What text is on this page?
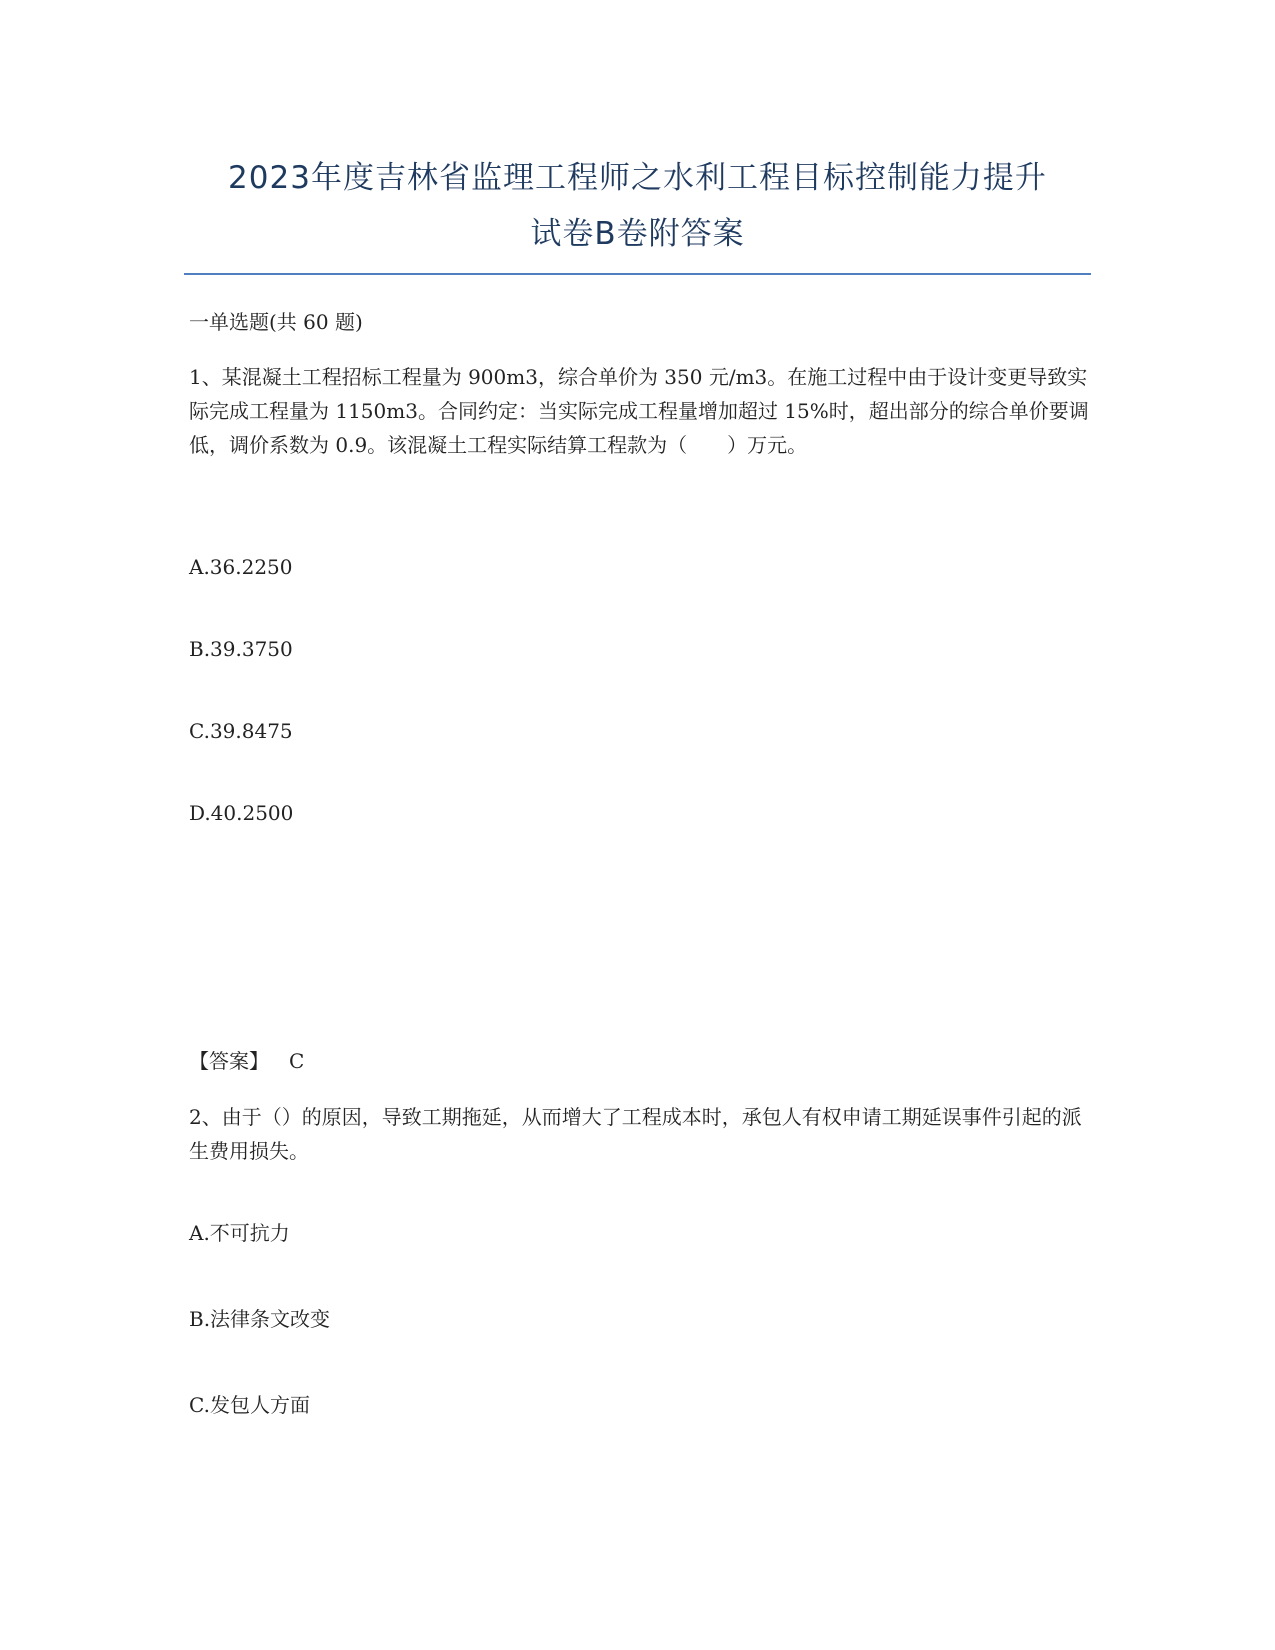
2023年度吉林省监理工程师之水利工程目标控制能力提升
试卷B卷附答案
一单选题(共 60 题)
1、某混凝土工程招标工程量为 900m3，综合单价为 350 元/m3。在施工过程中由于设计变更导致实际完成工程量为 1150m3。合同约定：当实际完成工程量增加超过 15%时，超出部分的综合单价要调低，调价系数为 0.9。该混凝土工程实际结算工程款为（　　）万元。
A.36.2250
B.39.3750
C.39.8475
D.40.2500
【答案】 C
2、由于（）的原因，导致工期拖延，从而增大了工程成本时，承包人有权申请工期延误事件引起的派生费用损失。
A.不可抗力
B.法律条文改变
C.发包人方面
